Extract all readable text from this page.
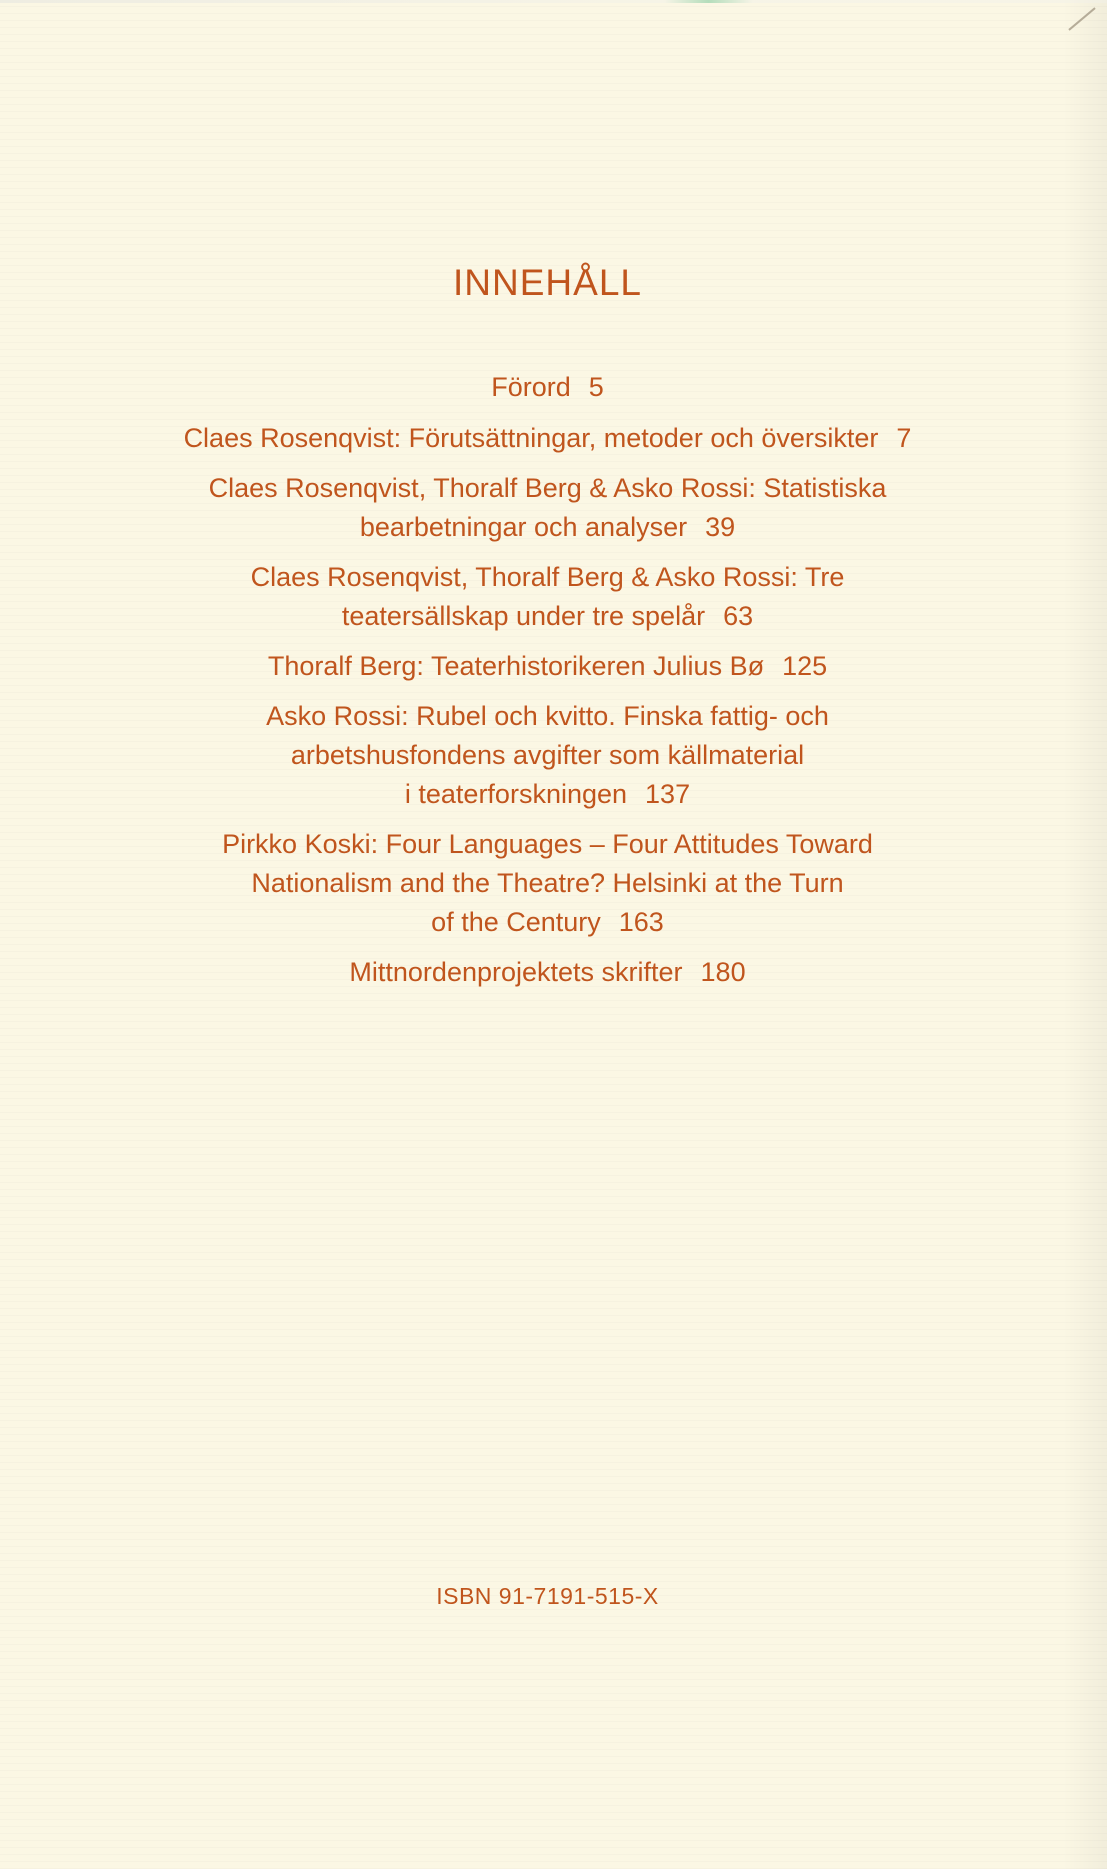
INNEHÅLL
Förord 5
Claes Rosenqvist: Förutsättningar, metoder och översikter 7
Claes Rosenqvist, Thoralf Berg & Asko Rossi: Statistiska
bearbetningar och analyser 39
Claes Rosenqvist, Thoralf Berg & Asko Rossi: Tre
teatersällskap under tre spelår 63
Thoralf Berg: Teaterhistorikeren Julius Bø 125
Asko Rossi: Rubel och kvitto. Finska fattig- och
arbetshusfondens avgifter som källmaterial
i teaterforskningen 137
Pirkko Koski: Four Languages – Four Attitudes Toward
Nationalism and the Theatre? Helsinki at the Turn
of the Century 163
Mittnordenprojektets skrifter 180
ISBN 91-7191-515-X
